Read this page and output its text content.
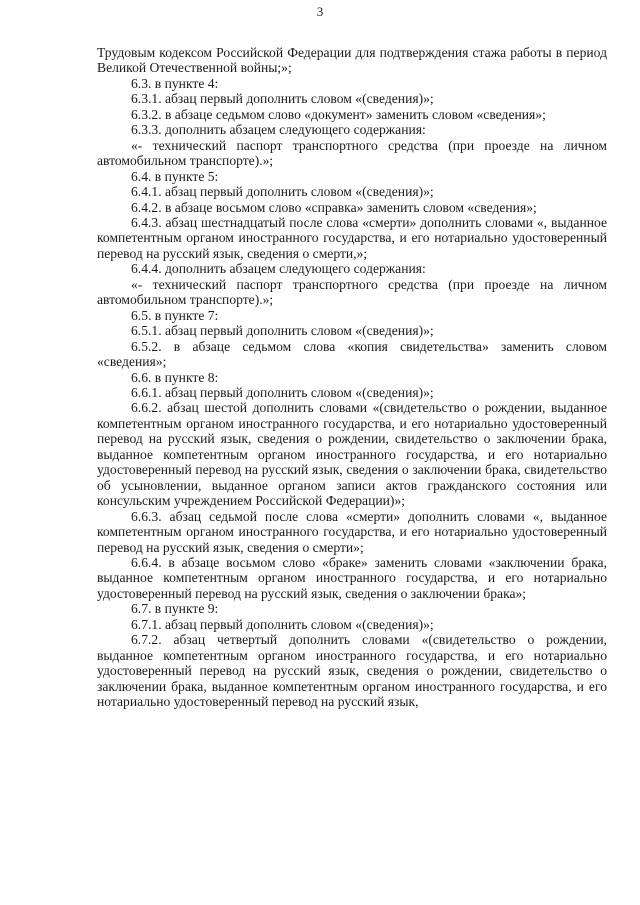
3

Трудовым кодексом Российской Федерации для подтверждения стажа работы в период Великой Отечественной войны;»;

6.3. в пункте 4:

6.3.1. абзац первый дополнить словом «(сведения)»;

6.3.2. в абзаце седьмом слово «документ» заменить словом «сведения»;

6.3.3. дополнить абзацем следующего содержания:

«- технический паспорт транспортного средства (при проезде на личном автомобильном транспорте).»;

6.4. в пункте 5:

6.4.1. абзац первый дополнить словом «(сведения)»;

6.4.2. в абзаце восьмом слово «справка» заменить словом «сведения»;

6.4.3. абзац шестнадцатый после слова «смерти» дополнить словами «, выданное компетентным органом иностранного государства, и его нотариально удостоверенный перевод на русский язык, сведения о смерти,»;

6.4.4. дополнить абзацем следующего содержания:

«- технический паспорт транспортного средства (при проезде на личном автомобильном транспорте).»;

6.5. в пункте 7:

6.5.1. абзац первый дополнить словом «(сведения)»;

6.5.2. в абзаце седьмом слова «копия свидетельства» заменить словом «сведения»;

6.6. в пункте 8:

6.6.1. абзац первый дополнить словом «(сведения)»;

6.6.2. абзац шестой дополнить словами «(свидетельство о рождении, выданное компетентным органом иностранного государства, и его нотариально удостоверенный перевод на русский язык, сведения о рождении, свидетельство о заключении брака, выданное компетентным органом иностранного государства, и его нотариально удостоверенный перевод на русский язык, сведения о заключении брака, свидетельство об усыновлении, выданное органом записи актов гражданского состояния или консульским учреждением Российской Федерации)»;

6.6.3. абзац седьмой после слова «смерти» дополнить словами «, выданное компетентным органом иностранного государства, и его нотариально удостоверенный перевод на русский язык, сведения о смерти»;

6.6.4. в абзаце восьмом слово «браке» заменить словами «заключении брака, выданное компетентным органом иностранного государства, и его нотариально удостоверенный перевод на русский язык, сведения о заключении брака»;

6.7. в пункте 9:

6.7.1. абзац первый дополнить словом «(сведения)»;

6.7.2. абзац четвертый дополнить словами «(свидетельство о рождении, выданное компетентным органом иностранного государства, и его нотариально удостоверенный перевод на русский язык, сведения о рождении, свидетельство о заключении брака, выданное компетентным органом иностранного государства, и его нотариально удостоверенный перевод на русский язык,
